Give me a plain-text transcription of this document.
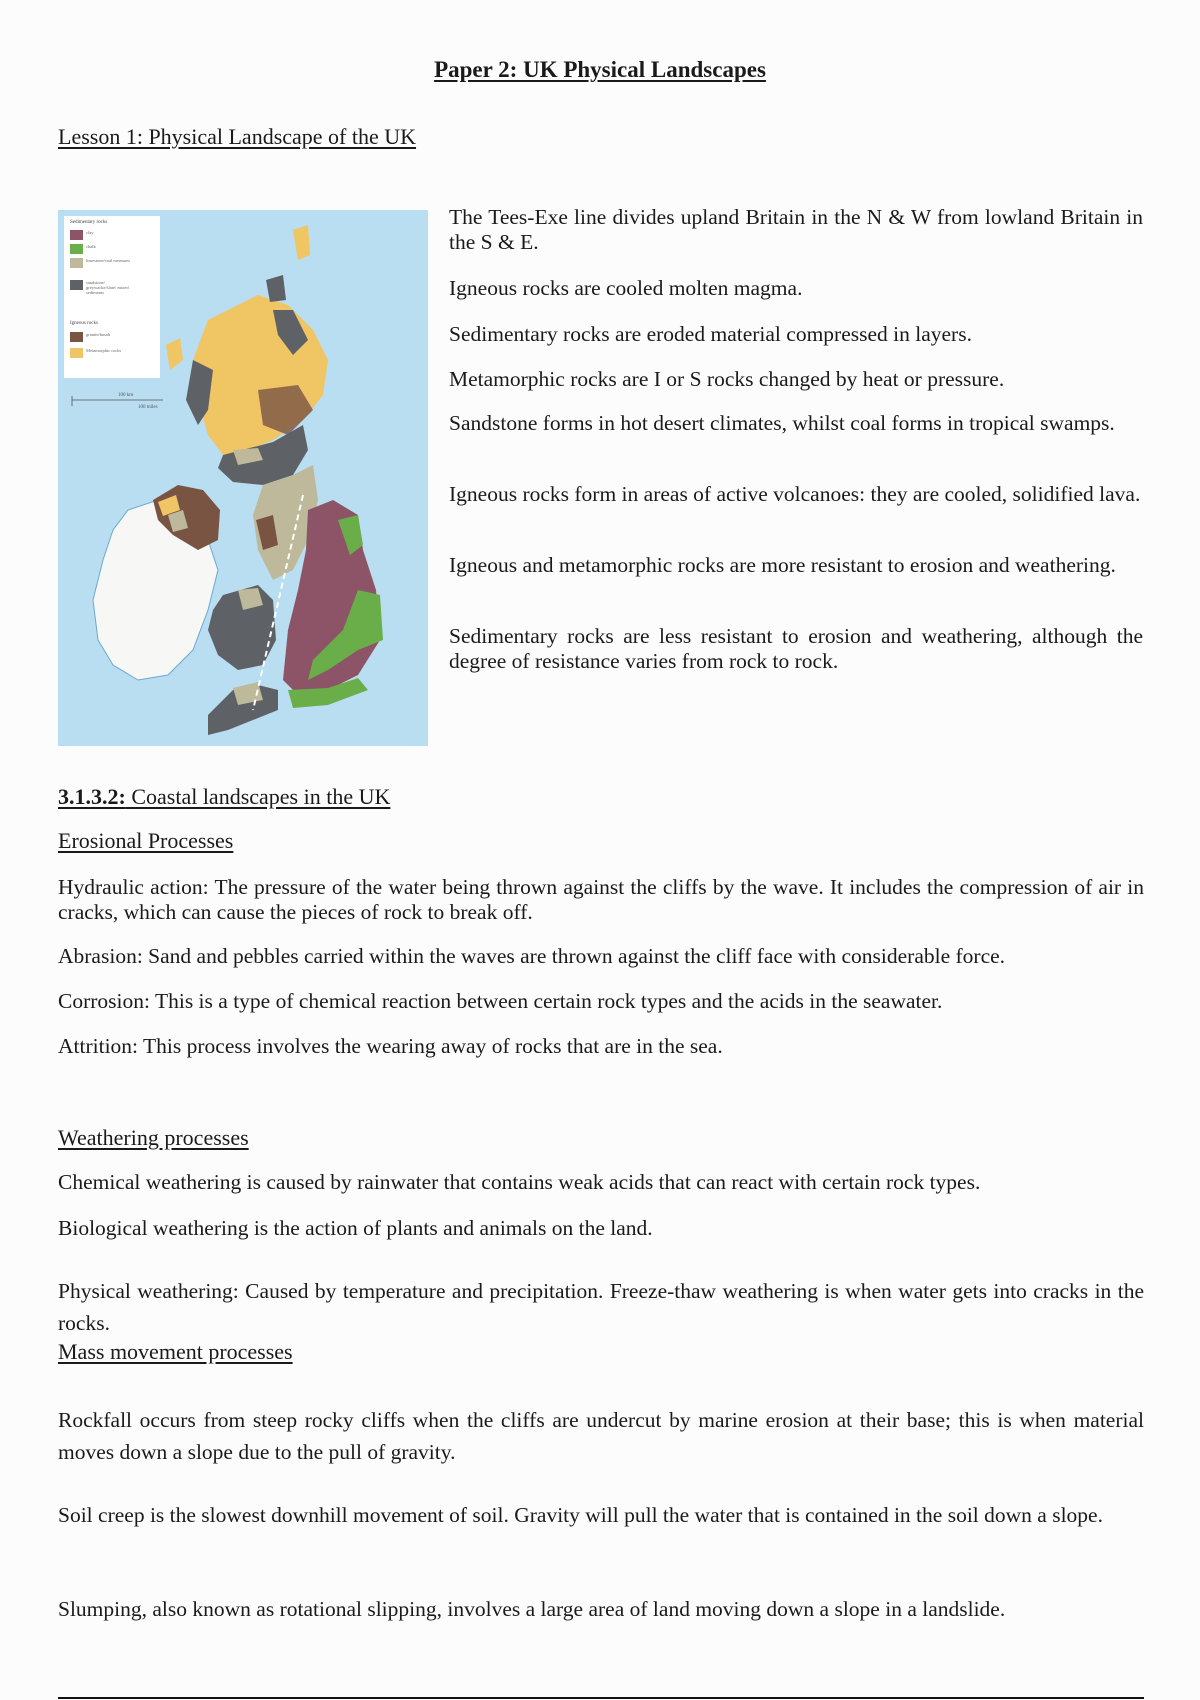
Paper 2: UK Physical Landscapes
Lesson 1: Physical Landscape of the UK
100 km
100 miles
Sedimentary rocks
clay
chalk
limestone/coal measures
sandstone/ greywacke/slate/ mixed sediments
Igneous rocks
granite/basalt
Metamorphic rocks
The Tees-Exe line divides upland Britain in the N & W from lowland Britain in the S & E.
Igneous rocks are cooled molten magma.
Sedimentary rocks are eroded material compressed in layers.
Metamorphic rocks are I or S rocks changed by heat or pressure.
Sandstone forms in hot desert climates, whilst coal forms in tropical swamps.
Igneous rocks form in areas of active volcanoes: they are cooled, solidified lava.
Igneous and metamorphic rocks are more resistant to erosion and weathering.
Sedimentary rocks are less resistant to erosion and weathering, although the degree of resistance varies from rock to rock.
3.1.3.2: Coastal landscapes in the UK
Erosional Processes
Hydraulic action: The pressure of the water being thrown against the cliffs by the wave. It includes the compression of air in cracks, which can cause the pieces of rock to break off.
Abrasion: Sand and pebbles carried within the waves are thrown against the cliff face with considerable force.
Corrosion: This is a type of chemical reaction between certain rock types and the acids in the seawater.
Attrition: This process involves the wearing away of rocks that are in the sea.
Weathering processes
Chemical weathering is caused by rainwater that contains weak acids that can react with certain rock types.
Biological weathering is the action of plants and animals on the land.
Physical weathering: Caused by temperature and precipitation. Freeze-thaw weathering is when water gets into cracks in the rocks.
Mass movement processes
Rockfall occurs from steep rocky cliffs when the cliffs are undercut by marine erosion at their base; this is when material moves down a slope due to the pull of gravity.
Soil creep is the slowest downhill movement of soil. Gravity will pull the water that is contained in the soil down a slope.
Slumping, also known as rotational slipping, involves a large area of land moving down a slope in a landslide.
